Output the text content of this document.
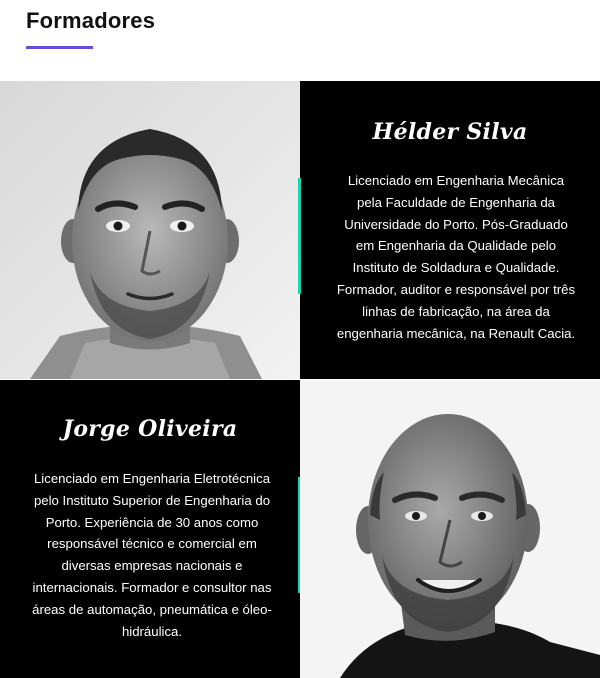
Formadores
Hélder Silva
Licenciado em Engenharia Mecânica pela Faculdade de Engenharia da Universidade do Porto. Pós-Graduado em Engenharia da Qualidade pelo Instituto de Soldadura e Qualidade. Formador, auditor e responsável por três linhas de fabricação, na área da engenharia mecânica, na Renault Cacia.
Jorge Oliveira
Licenciado em Engenharia Eletrotécnica pelo Instituto Superior de Engenharia do Porto. Experiência de 30 anos como responsável técnico e comercial em diversas empresas nacionais e internacionais. Formador e consultor nas áreas de automação, pneumática e óleo-hidráulica.
